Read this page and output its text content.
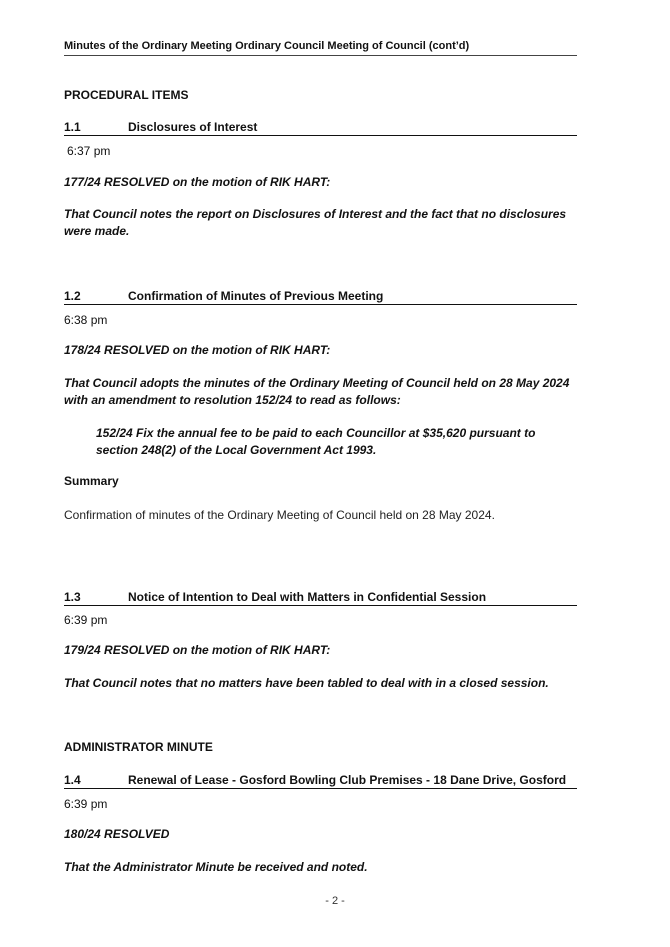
Minutes of the Ordinary Meeting Ordinary Council Meeting of Council (cont’d)
PROCEDURAL ITEMS
1.1	Disclosures of Interest
6:37 pm
177/24 RESOLVED on the motion of RIK HART:
That Council notes the report on Disclosures of Interest and the fact that no disclosures were made.
1.2	Confirmation of Minutes of Previous Meeting
6:38 pm
178/24 RESOLVED on the motion of RIK HART:
That Council adopts the minutes of the Ordinary Meeting of Council held on 28 May 2024 with an amendment to resolution 152/24 to read as follows:
152/24 Fix the annual fee to be paid to each Councillor at $35,620 pursuant to section 248(2) of the Local Government Act 1993.
Summary
Confirmation of minutes of the Ordinary Meeting of Council held on 28 May 2024.
1.3	Notice of Intention to Deal with Matters in Confidential Session
6:39 pm
179/24 RESOLVED on the motion of RIK HART:
That Council notes that no matters have been tabled to deal with in a closed session.
ADMINISTRATOR MINUTE
1.4	Renewal of Lease - Gosford Bowling Club Premises - 18 Dane Drive, Gosford
6:39 pm
180/24 RESOLVED
That the Administrator Minute be received and noted.
- 2 -
